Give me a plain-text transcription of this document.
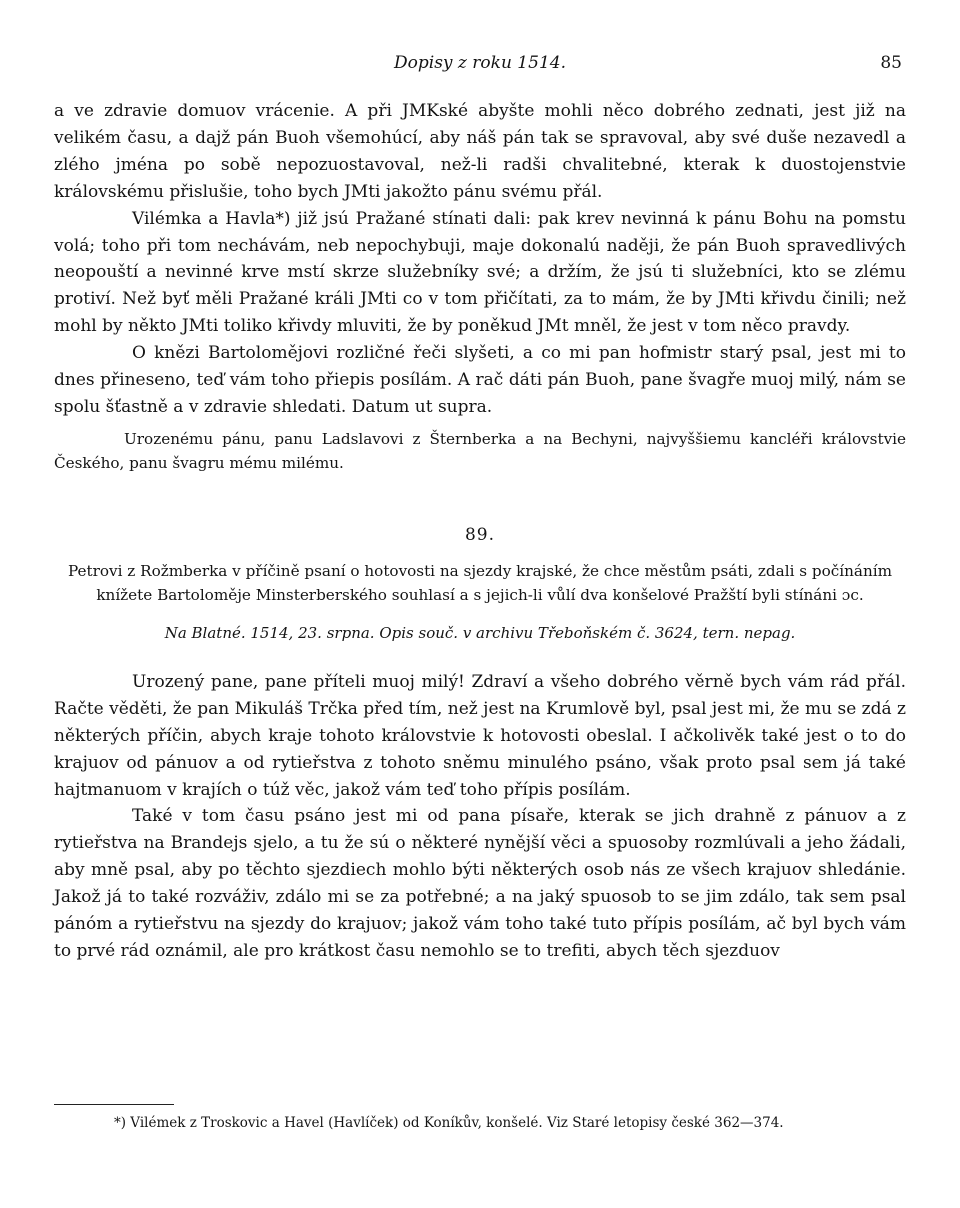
Dopisy z roku 1514.	85

a ve zdravie domuov vrácenie. A při JMKské abyšte mohli něco dobrého zednati, jest již na velikém času, a dajž pán Buoh všemohúcí, aby náš pán tak se spravoval, aby své duše nezavedl a zlého jména po sobě nepozuostavoval, než-li radši chvalitebné, kterak k duostojenstvie královskému přislušie, toho bych JMti jakožto pánu svému přál.

Vilémka a Havla*) již jsú Pražané stínati dali: pak krev nevinná k pánu Bohu na pomstu volá; toho při tom nechávám, neb nepochybuji, maje dokonalú naději, že pán Buoh spravedlivých neopouští a nevinné krve mstí skrze služebníky své; a držím, že jsú ti služebníci, kto se zlému protiví. Než byť měli Pražané králi JMti co v tom přičítati, za to mám, že by JMti křivdu činili; než mohl by někto JMti toliko křivdy mluviti, že by poněkud JMt mněl, že jest v tom něco pravdy.

O knězi Bartolomějovi rozličné řeči slyšeti, a co mi pan hofmistr starý psal, jest mi to dnes přineseno, teď vám toho přiepis posílám. A rač dáti pán Buoh, pane švagře muoj milý, nám se spolu šťastně a v zdravie shledati. Datum ut supra.

Urozenému pánu, panu Ladslavovi z Šternberka a na Bechyni, najvyššiemu kancléři královstvie Českého, panu švagru mému milému.

89.

Petrovi z Rožmberka v příčině psaní o hotovosti na sjezdy krajské, že chce městům psáti, zdali s počínáním knížete Bartoloměje Minsterberského souhlasí a s jejich-li vůlí dva konšelové Pražští byli stínáni ɔc.

Na Blatné. 1514, 23. srpna. Opis souč. v archivu Třeboňském č. 3624, tern. nepag.

Urozený pane, pane příteli muoj milý! Zdraví a všeho dobrého věrně bych vám rád přál. Račte věděti, že pan Mikuláš Trčka před tím, než jest na Krumlově byl, psal jest mi, že mu se zdá z některých příčin, abych kraje tohoto královstvie k hotovosti obeslal. I ačkolivěk také jest o to do krajuov od pánuov a od rytieřstva z tohoto sněmu minulého psáno, však proto psal sem já také hajtmanuom v krajích o túž věc, jakož vám teď toho přípis posílám.

Také v tom času psáno jest mi od pana písaře, kterak se jich drahně z pánuov a z rytieřstva na Brandejs sjelo, a tu že sú o některé nynější věci a spuosoby rozmlúvali a jeho žádali, aby mně psal, aby po těchto sjezdiech mohlo býti některých osob nás ze všech krajuov shledánie. Jakož já to také rozváživ, zdálo mi se za potřebné; a na jaký spuosob to se jim zdálo, tak sem psal pánóm a rytieřstvu na sjezdy do krajuov; jakož vám toho také tuto přípis posílám, ač byl bych vám to prvé rád oznámil, ale pro krátkost času nemohlo se to trefiti, abych těch sjezduov

*) Vilémek z Troskovic a Havel (Havlíček) od Koníkův, konšelé. Viz Staré letopisy české 362—374.
